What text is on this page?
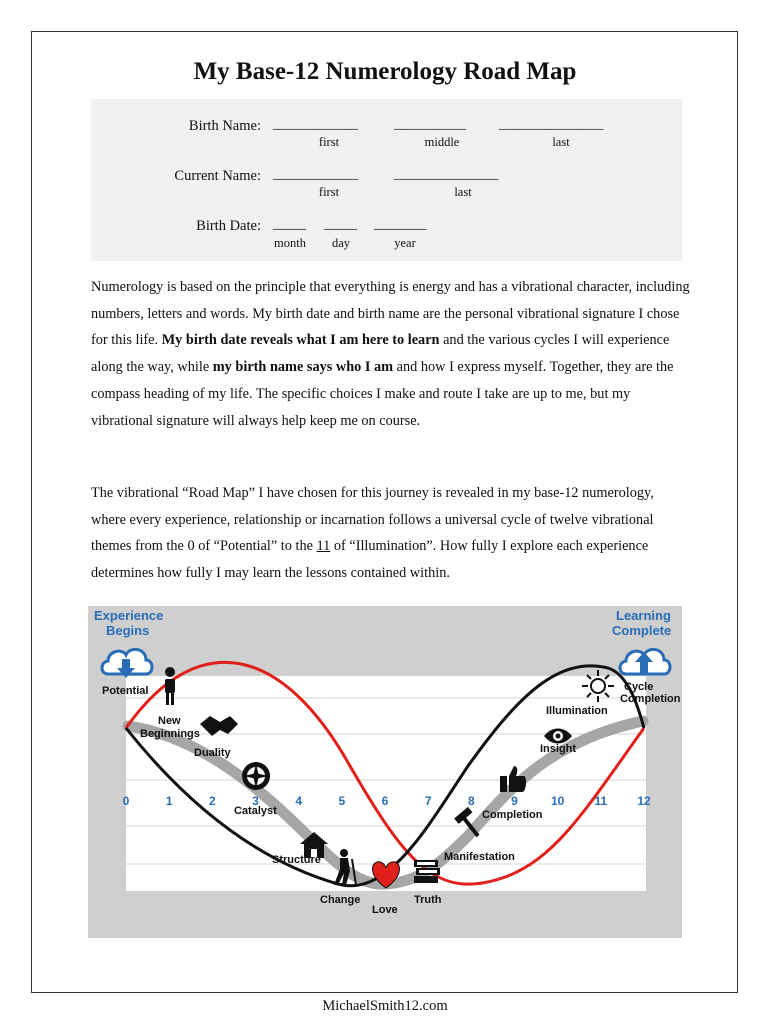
My Base-12 Numerology Road Map
Birth Name: _____________	___________ ________________
first	middle	last
Current Name: _____________	________________
first	last
Birth Date: _____ _____ ________
month	day	year

Numerology is based on the principle that everything is energy and has a vibrational character, including numbers, letters and words. My birth date and birth name are the personal vibrational signature I chose for this life. My birth date reveals what I am here to learn and the various cycles I will experience along the way, while my birth name says who I am and how I express myself. Together, they are the compass heading of my life. The specific choices I make and route I take are up to me, but my vibrational signature will always help keep me on course.

The vibrational “Road Map” I have chosen for this journey is revealed in my base-12 numerology, where every experience, relationship or incarnation follows a universal cycle of twelve vibrational themes from the 0 of “Potential” to the 11 of “Illumination”. How fully I explore each experience determines how fully I may learn the lessons contained within.

Potential
New
Beginnings
Duality
Catalyst
Structure
Change
Love
Truth
Manifestation
Completion
Insight
Illumination
Cycle
Completion
Experience
Begins
Learning
Complete
0	1	2	3	4	5	6	7	8	9	10	11	12
MichaelSmith12.com
